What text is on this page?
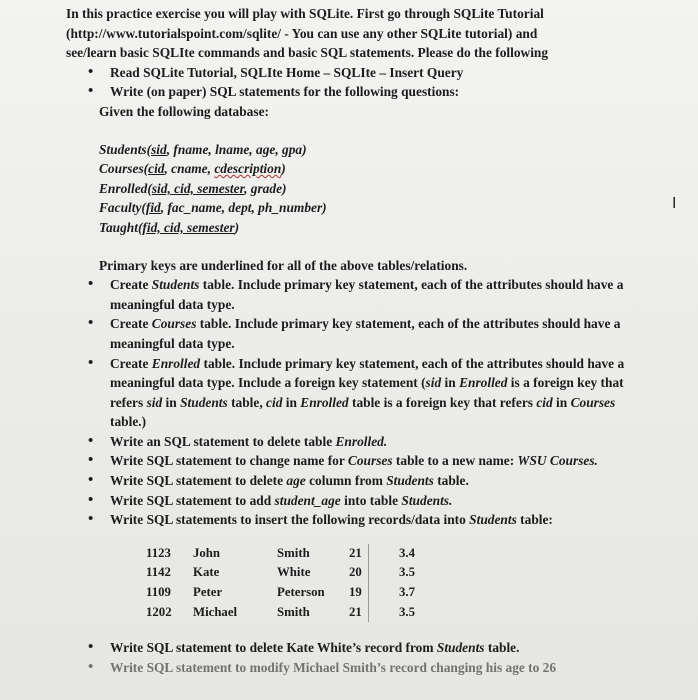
In this practice exercise you will play with SQLite. First go through SQLite Tutorial

(http://www.tutorialspoint.com/sqlite/ - You can use any other SQLite tutorial) and

see/learn basic SQLIte commands and basic SQL statements. Please do the following

• Read SQLite Tutorial, SQLIte Home – SQLIte – Insert Query
• Write (on paper) SQL statements for the following questions:

Given the following database:

Students(sid, fname, lname, age, gpa)
Courses(cid, cname, cdescription)
Enrolled(sid, cid, semester, grade)
Faculty(fid, fac_name, dept, ph_number)
Taught(fid, cid, semester)

Primary keys are underlined for all of the above tables/relations.

• Create Students table. Include primary key statement, each of the attributes should have a meaningful data type.
• Create Courses table. Include primary key statement, each of the attributes should have a meaningful data type.
• Create Enrolled table. Include primary key statement, each of the attributes should have a meaningful data type. Include a foreign key statement (sid in Enrolled is a foreign key that refers sid in Students table, cid in Enrolled table is a foreign key that refers cid in Courses table.)
• Write an SQL statement to delete table Enrolled.
• Write SQL statement to change name for Courses table to a new name: WSU Courses.
• Write SQL statement to delete age column from Students table.
• Write SQL statement to add student_age into table Students.
• Write SQL statements to insert the following records/data into Students table:
1123	John	Smith	21	3.4
1142	Kate	White	20	3.5
1109	Peter	Peterson	19	3.7
1202	Michael	Smith	21	3.5
• Write SQL statement to delete Kate White’s record from Students table.
• Write SQL statement to modify Michael Smith’s record changing his age to 26
I
